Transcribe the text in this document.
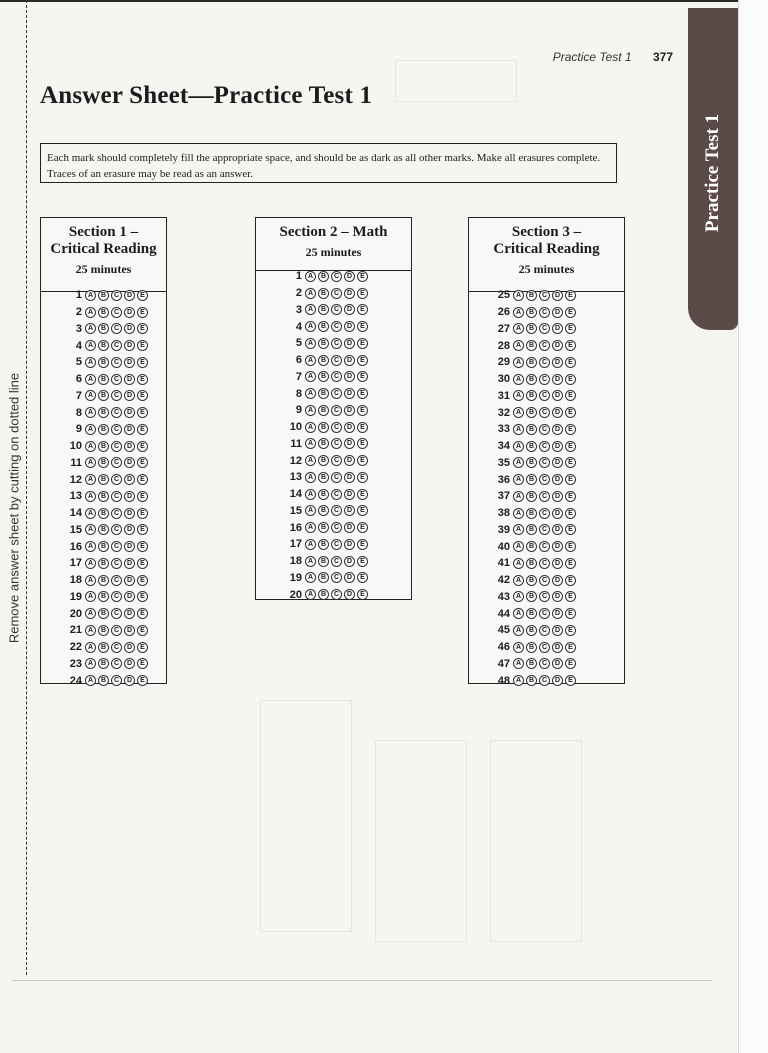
Remove answer sheet by cutting on dotted line
Practice Test 1 377
Practice Test 1
Answer Sheet—Practice Test 1
Each mark should completely fill the appropriate space, and should be as dark as all other marks. Make all erasures complete. Traces of an erasure may be read as an answer.
Section 1 –
Critical Reading
25 minutes
1 A	B	C	D	E
2 A	B	C	D	E
3 A	B	C	D	E
4 A	B	C	D	E
5 A	B	C	D	E
6 A	B	C	D	E
7 A	B	C	D	E
8 A	B	C	D	E
9 A	B	C	D	E
10 A	B	C	D	E
11 A	B	C	D	E
12 A	B	C	D	E
13 A	B	C	D	E
14 A	B	C	D	E
15 A	B	C	D	E
16 A	B	C	D	E
17 A	B	C	D	E
18 A	B	C	D	E
19 A	B	C	D	E
20 A	B	C	D	E
21 A	B	C	D	E
22 A	B	C	D	E
23 A	B	C	D	E
24 A	B	C	D	E
Section 2 – Math
25 minutes
1 A	B	C	D	E
2 A	B	C	D	E
3 A	B	C	D	E
4 A	B	C	D	E
5 A	B	C	D	E
6 A	B	C	D	E
7 A	B	C	D	E
8 A	B	C	D	E
9 A	B	C	D	E
10 A	B	C	D	E
11 A	B	C	D	E
12 A	B	C	D	E
13 A	B	C	D	E
14 A	B	C	D	E
15 A	B	C	D	E
16 A	B	C	D	E
17 A	B	C	D	E
18 A	B	C	D	E
19 A	B	C	D	E
20 A	B	C	D	E
Section 3 –
Critical Reading
25 minutes
25 A	B	C	D	E
26 A	B	C	D	E
27 A	B	C	D	E
28 A	B	C	D	E
29 A	B	C	D	E
30 A	B	C	D	E
31 A	B	C	D	E
32 A	B	C	D	E
33 A	B	C	D	E
34 A	B	C	D	E
35 A	B	C	D	E
36 A	B	C	D	E
37 A	B	C	D	E
38 A	B	C	D	E
39 A	B	C	D	E
40 A	B	C	D	E
41 A	B	C	D	E
42 A	B	C	D	E
43 A	B	C	D	E
44 A	B	C	D	E
45 A	B	C	D	E
46 A	B	C	D	E
47 A	B	C	D	E
48 A	B	C	D	E
